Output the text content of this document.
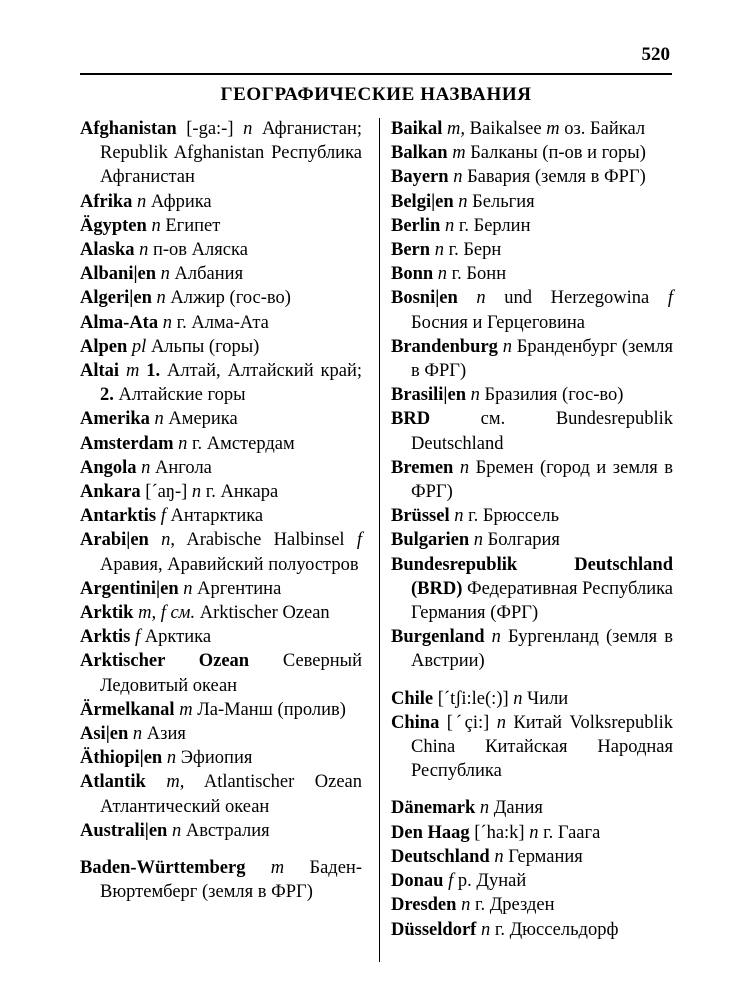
520
ГЕОГРАФИЧЕСКИЕ НАЗВАНИЯ
Afghanistan [-ga:-] n Афганистан; Republik Afghanistan Республика Афганистан
Afrika n Африка
Ägypten n Египет
Alaska n п-ов Аляска
Albani|en n Албания
Algeri|en n Алжир (гос-во)
Alma-Ata n г. Алма-Ата
Alpen pl Альпы (горы)
Altai m 1. Алтай, Алтайский край; 2. Алтайские горы
Amerika n Америка
Amsterdam n г. Амстердам
Angola n Ангола
Ankara [ˊaŋ-] n г. Анкара
Antarktis f Антарктика
Arabi|en n, Arabische Halbinsel f Аравия, Аравийский полуостров
Argentini|en n Аргентина
Arktik m, f см. Arktischer Ozean
Arktis f Арктика
Arktischer Ozean Северный Ледовитый океан
Ärmelkanal m Ла-Манш (пролив)
Asi|en n Азия
Äthiopi|en n Эфиопия
Atlantik m, Atlantischer Ozean Атлантический океан
Australi|en n Австралия
Baden-Württemberg m Баден-Вюртемберг (земля в ФРГ)
Baikal m, Baikalsee m оз. Байкал
Balkan m Балканы (п-ов и горы)
Bayern n Бавария (земля в ФРГ)
Belgi|en n Бельгия
Berlin n г. Берлин
Bern n г. Берн
Bonn n г. Бонн
Bosni|en n und Herzegowina f Босния и Герцеговина
Brandenburg n Бранденбург (земля в ФРГ)
Brasili|en n Бразилия (гос-во)
BRD см. Bundesrepublik Deutschland
Bremen n Бремен (город и земля в ФРГ)
Brüssel n г. Брюссель
Bulgarien n Болгария
Bundesrepublik Deutschland (BRD) Федеративная Республика Германия (ФРГ)
Burgenland n Бургенланд (земля в Австрии)
Chile [ˊtʃi:le(:)] n Чили
China [ˊçi:] n Китай Volksrepublik China Китайская Народная Республика
Dänemark n Дания
Den Haag [ˊha:k] n г. Гаага
Deutschland n Германия
Donau f р. Дунай
Dresden n г. Дрезден
Düsseldorf n г. Дюссельдорф
